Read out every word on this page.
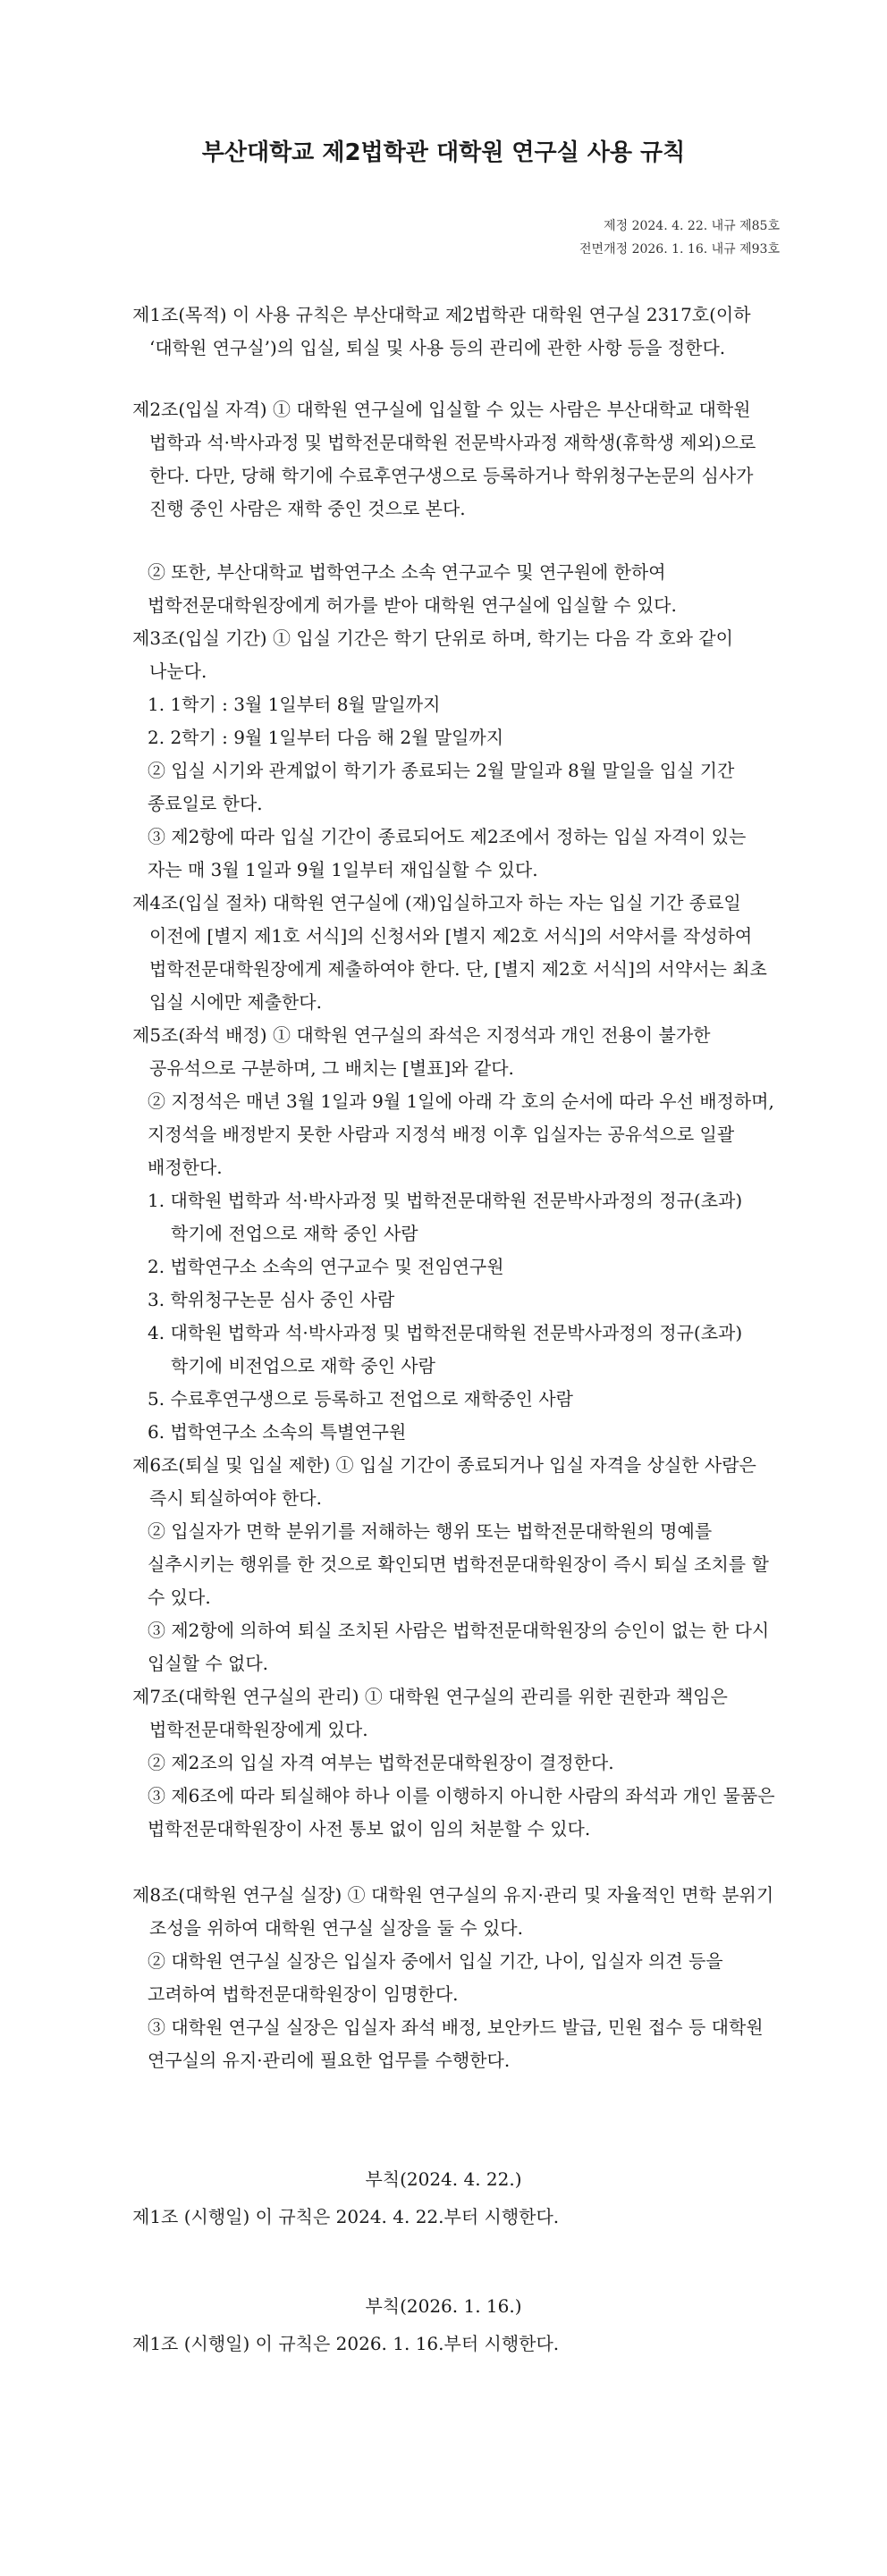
부산대학교 제2법학관 대학원 연구실 사용 규칙
제정 2024. 4. 22. 내규 제85호
전면개정 2026. 1. 16. 내규 제93호

제1조(목적) 이 사용 규칙은 부산대학교 제2법학관 대학원 연구실 2317호(이하 ‘대학원 연구실’)의 입실, 퇴실 및 사용 등의 관리에 관한 사항 등을 정한다.

제2조(입실 자격) ① 대학원 연구실에 입실할 수 있는 사람은 부산대학교 대학원 법학과 석·박사과정 및 법학전문대학원 전문박사과정 재학생(휴학생 제외)으로 한다. 다만, 당해 학기에 수료후연구생으로 등록하거나 학위청구논문의 심사가 진행 중인 사람은 재학 중인 것으로 본다.

② 또한, 부산대학교 법학연구소 소속 연구교수 및 연구원에 한하여 법학전문대학원장에게 허가를 받아 대학원 연구실에 입실할 수 있다.

제3조(입실 기간) ① 입실 기간은 학기 단위로 하며, 학기는 다음 각 호와 같이 나눈다.

1. 1학기 : 3월 1일부터 8월 말일까지

2. 2학기 : 9월 1일부터 다음 해 2월 말일까지

② 입실 시기와 관계없이 학기가 종료되는 2월 말일과 8월 말일을 입실 기간 종료일로 한다.

③ 제2항에 따라 입실 기간이 종료되어도 제2조에서 정하는 입실 자격이 있는 자는 매 3월 1일과 9월 1일부터 재입실할 수 있다.

제4조(입실 절차) 대학원 연구실에 (재)입실하고자 하는 자는 입실 기간 종료일 이전에 [별지 제1호 서식]의 신청서와 [별지 제2호 서식]의 서약서를 작성하여 법학전문대학원장에게 제출하여야 한다. 단, [별지 제2호 서식]의 서약서는 최초 입실 시에만 제출한다.

제5조(좌석 배정) ① 대학원 연구실의 좌석은 지정석과 개인 전용이 불가한 공유석으로 구분하며, 그 배치는 [별표]와 같다.

② 지정석은 매년 3월 1일과 9월 1일에 아래 각 호의 순서에 따라 우선 배정하며, 지정석을 배정받지 못한 사람과 지정석 배정 이후 입실자는 공유석으로 일괄 배정한다.

1. 대학원 법학과 석·박사과정 및 법학전문대학원 전문박사과정의 정규(초과)학기에 전업으로 재학 중인 사람

2. 법학연구소 소속의 연구교수 및 전임연구원

3. 학위청구논문 심사 중인 사람

4. 대학원 법학과 석·박사과정 및 법학전문대학원 전문박사과정의 정규(초과)학기에 비전업으로 재학 중인 사람

5. 수료후연구생으로 등록하고 전업으로 재학중인 사람

6. 법학연구소 소속의 특별연구원

제6조(퇴실 및 입실 제한) ① 입실 기간이 종료되거나 입실 자격을 상실한 사람은 즉시 퇴실하여야 한다.

② 입실자가 면학 분위기를 저해하는 행위 또는 법학전문대학원의 명예를 실추시키는 행위를 한 것으로 확인되면 법학전문대학원장이 즉시 퇴실 조치를 할 수 있다.

③ 제2항에 의하여 퇴실 조치된 사람은 법학전문대학원장의 승인이 없는 한 다시 입실할 수 없다.

제7조(대학원 연구실의 관리) ① 대학원 연구실의 관리를 위한 권한과 책임은 법학전문대학원장에게 있다.

② 제2조의 입실 자격 여부는 법학전문대학원장이 결정한다.

③ 제6조에 따라 퇴실해야 하나 이를 이행하지 아니한 사람의 좌석과 개인 물품은 법학전문대학원장이 사전 통보 없이 임의 처분할 수 있다.

제8조(대학원 연구실 실장) ① 대학원 연구실의 유지·관리 및 자율적인 면학 분위기 조성을 위하여 대학원 연구실 실장을 둘 수 있다.

② 대학원 연구실 실장은 입실자 중에서 입실 기간, 나이, 입실자 의견 등을 고려하여 법학전문대학원장이 임명한다.

③ 대학원 연구실 실장은 입실자 좌석 배정, 보안카드 발급, 민원 접수 등 대학원 연구실의 유지·관리에 필요한 업무를 수행한다.

부칙(2024. 4. 22.)

제1조 (시행일) 이 규칙은 2024. 4. 22.부터 시행한다.

부칙(2026. 1. 16.)

제1조 (시행일) 이 규칙은 2026. 1. 16.부터 시행한다.
